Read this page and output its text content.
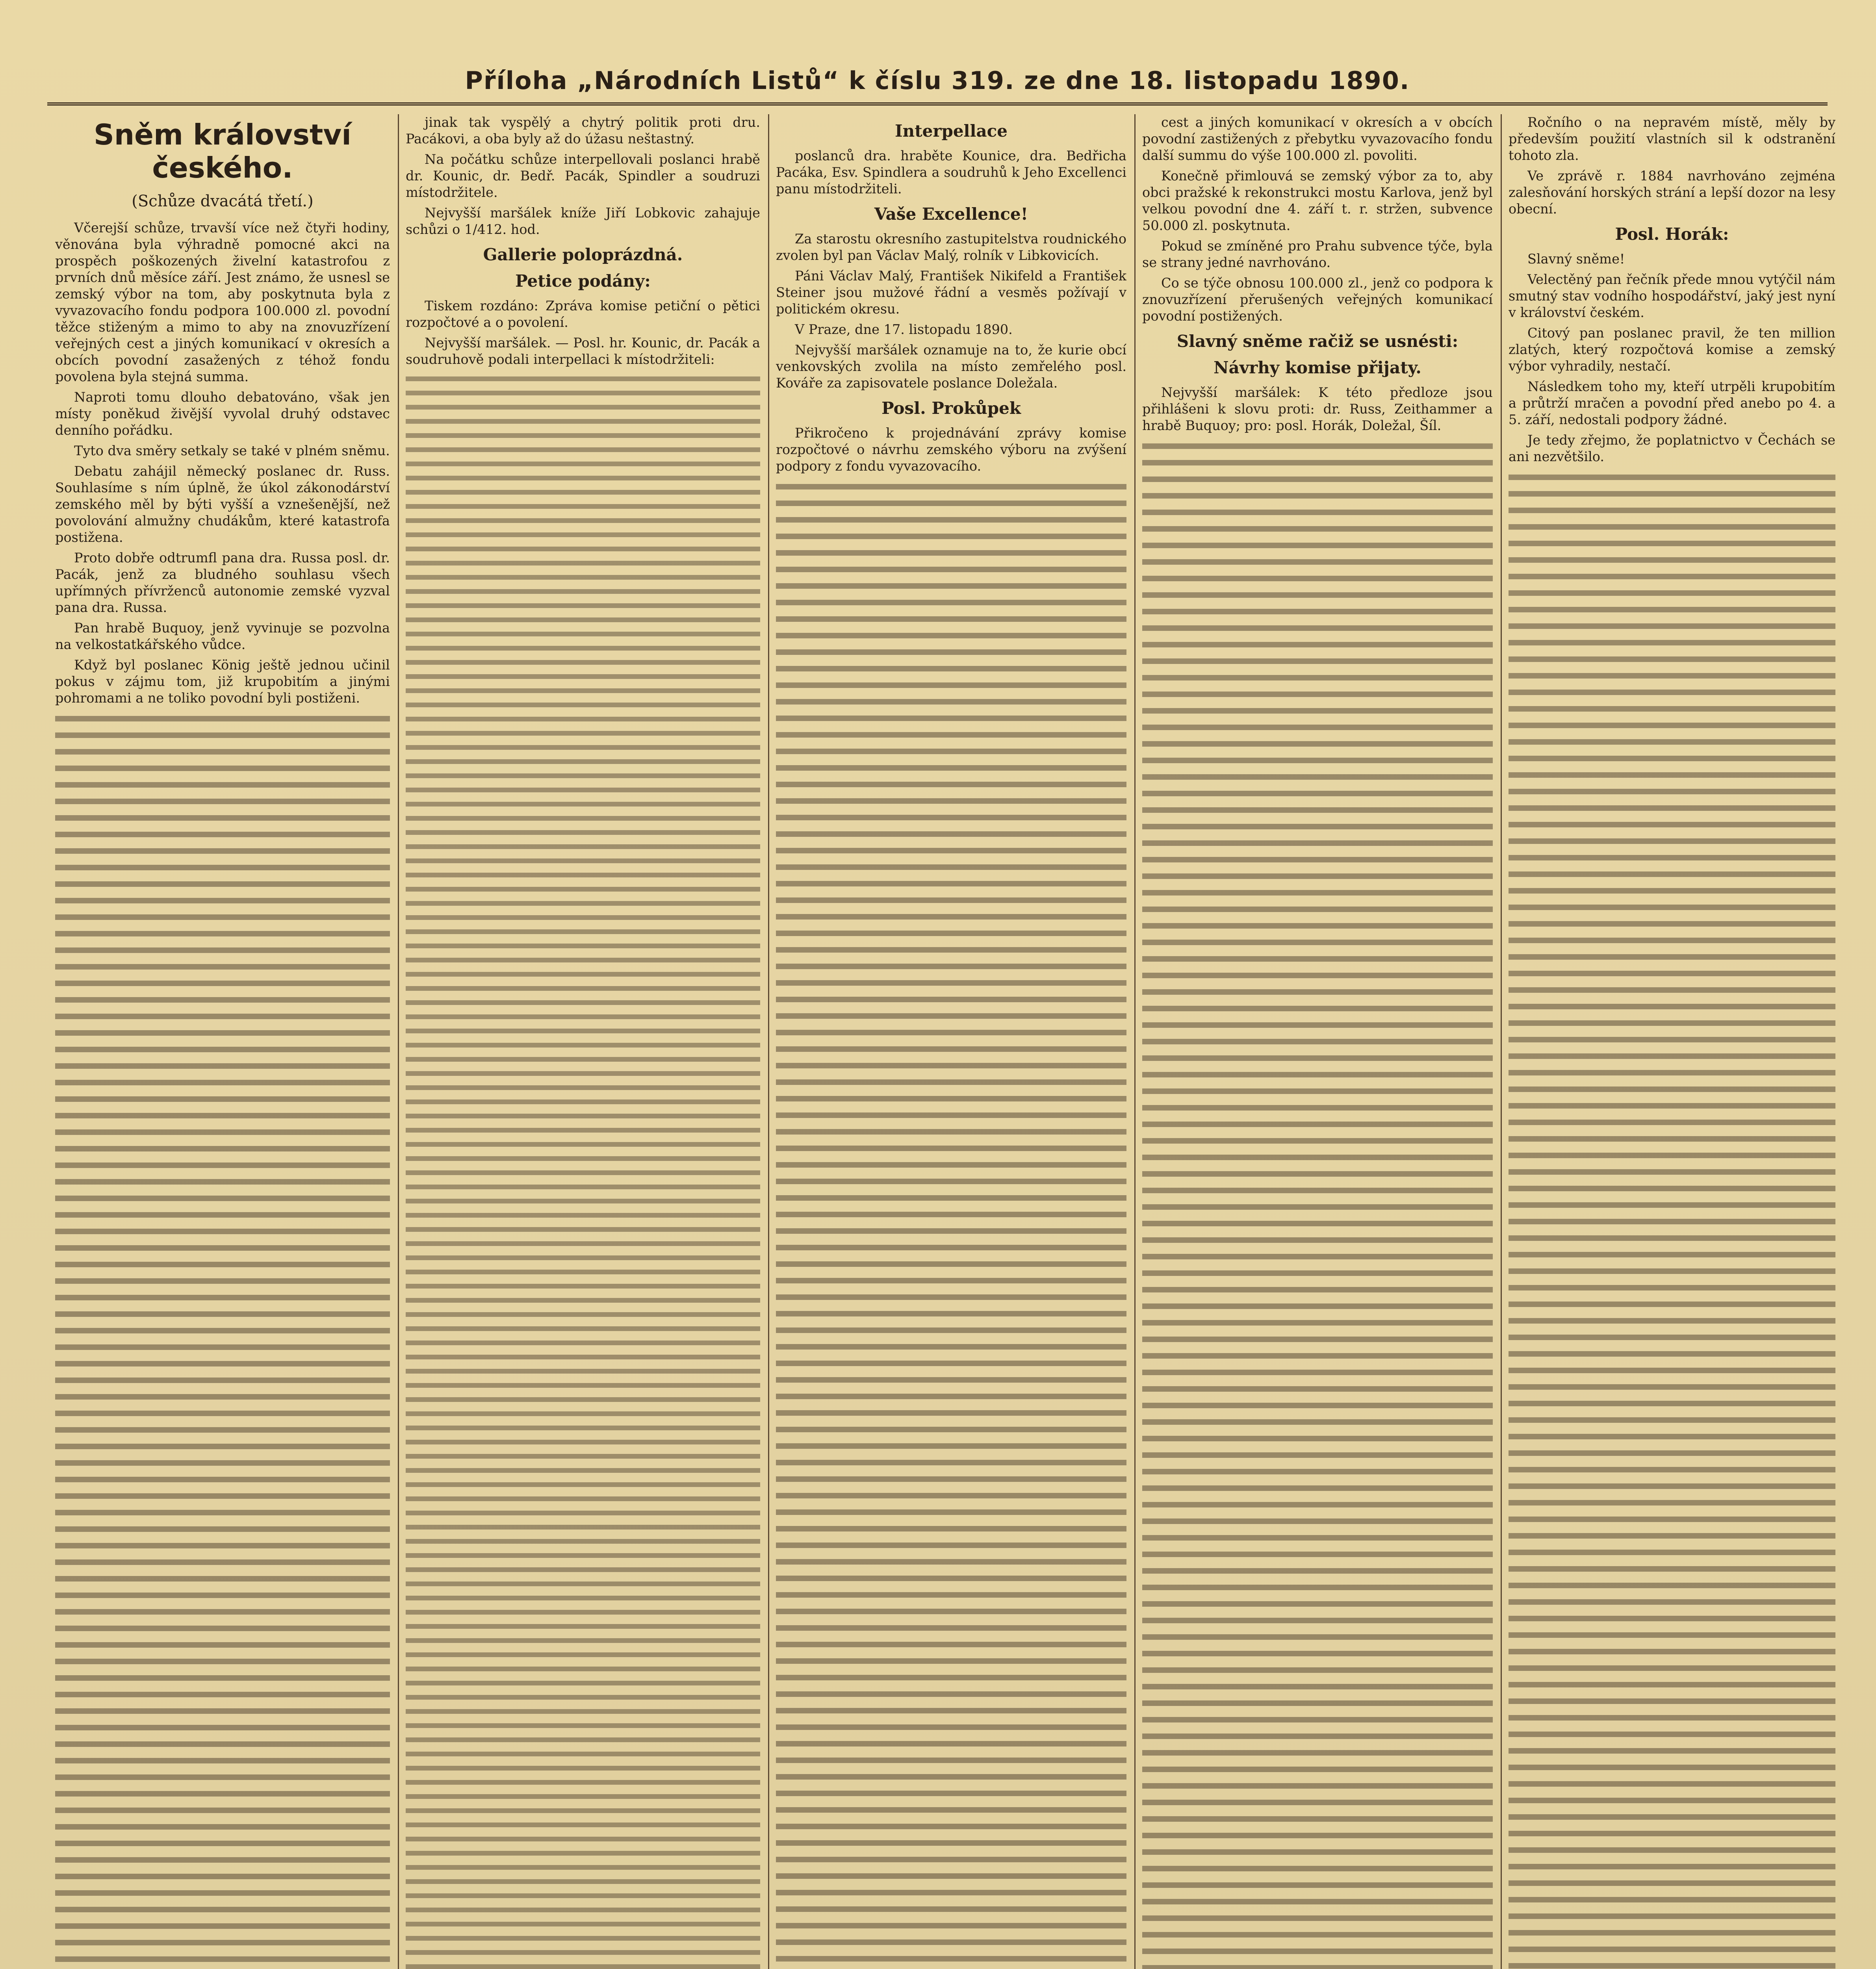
Příloha „Národních Listů“ k číslu 319. ze dne 18. listopadu 1890.
Sněm království českého.
(Schůze dvacátá třetí.)

Včerejší schůze, trvavší více než čtyři hodiny, věnována byla výhradně pomocné akci na prospěch poškozených živelní katastrofou z prvních dnů měsíce září. Jest známo, že usnesl se zemský výbor na tom, aby poskytnuta byla z vyvazovacího fondu podpora 100.000 zl. povodní těžce stiženým a mimo to aby na znovuzřízení veřejných cest a jiných komunikací v okresích a obcích povodní zasažených z téhož fondu povolena byla stejná summa.

Naproti tomu dlouho debatováno, však jen místy poněkud živější vyvolal druhý odstavec denního pořádku.

Tyto dva směry setkaly se také v plném sněmu.

Debatu zahájil německý poslanec dr. Russ. Souhlasíme s ním úplně, že úkol zákonodárství zemského měl by býti vyšší a vznešenější, než povolování almužny chudákům, které katastrofa postižena.

Proto dobře odtrumfl pana dra. Russa posl. dr. Pacák, jenž za bludného souhlasu všech upřímných přívrženců autonomie zemské vyzval pana dra. Russa.

Pan hrabě Buquoy, jenž vyvinuje se pozvolna na velkostatkářského vůdce.

Když byl poslanec König ještě jednou učinil pokus v zájmu tom, již krupobitím a jinými pohromami a ne toliko povodní byli postiženi.

jinak tak vyspělý a chytrý politik proti dru. Pacákovi, a oba byly až do úžasu neštastný.

Na počátku schůze interpellovali poslanci hrabě dr. Kounic, dr. Bedř. Pacák, Spindler a soudruzi místodržitele.

Nejvyšší maršálek kníže Jiří Lobkovic zahajuje schůzi o 1/412. hod.

Gallerie poloprázdná.
Petice podány:

Tiskem rozdáno: Zpráva komise petiční o pětici rozpočtové a o povolení.

Nejvyšší maršálek. — Posl. hr. Kounic, dr. Pacák a soudruhově podali interpellaci k místodržiteli:

Interpellace

poslanců dra. hraběte Kounice, dra. Bedřicha Pacáka, Esv. Spindlera a soudruhů k Jeho Excellenci panu místodržiteli.

Vaše Excellence!

Za starostu okresního zastupitelstva roudnického zvolen byl pan Václav Malý, rolník v Libkovicích.

Páni Václav Malý, František Nikifeld a František Steiner jsou mužové řádní a vesměs požívají v politickém okresu.

V Praze, dne 17. listopadu 1890.

Nejvyšší maršálek oznamuje na to, že kurie obcí venkovských zvolila na místo zemřelého posl. Kováře za zapisovatele poslance Doležala.

Posl. Prokůpek

Přikročeno k projednávání zprávy komise rozpočtové o návrhu zemského výboru na zvýšení podpory z fondu vyvazovacího.

cest a jiných komunikací v okresích a v obcích povodní zastižených z přebytku vyvazovacího fondu další summu do výše 100.000 zl. povoliti.

Konečně přimlouvá se zemský výbor za to, aby obci pražské k rekonstrukci mostu Karlova, jenž byl velkou povodní dne 4. září t. r. stržen, subvence 50.000 zl. poskytnuta.

Pokud se zmíněné pro Prahu subvence týče, byla se strany jedné navrhováno.

Co se týče obnosu 100.000 zl., jenž co podpora k znovuzřízení přerušených veřejných komunikací povodní postižených.

Slavný sněme račiž se usnésti:
Návrhy komise přijaty.

Nejvyšší maršálek: K této předloze jsou přihlášeni k slovu proti: dr. Russ, Zeithammer a hrabě Buquoy; pro: posl. Horák, Doležal, Šíl.

Ročního o na nepravém místě, měly by především použití vlastních sil k odstranění tohoto zla.

Ve zprávě r. 1884 navrhováno zejména zalesňování horských strání a lepší dozor na lesy obecní.

Posl. Horák:

Slavný sněme!

Velectěný pan řečník přede mnou vytýčil nám smutný stav vodního hospodářství, jaký jest nyní v království českém.

Citový pan poslanec pravil, že ten million zlatých, který rozpočtová komise a zemský výbor vyhradily, nestačí.

Následkem toho my, kteří utrpěli krupobitím a průtrží mračen a povodní před anebo po 4. a 5. září, nedostali podpory žádné.

Je tedy zřejmo, že poplatnictvo v Čechách se ani nezvětšilo.
